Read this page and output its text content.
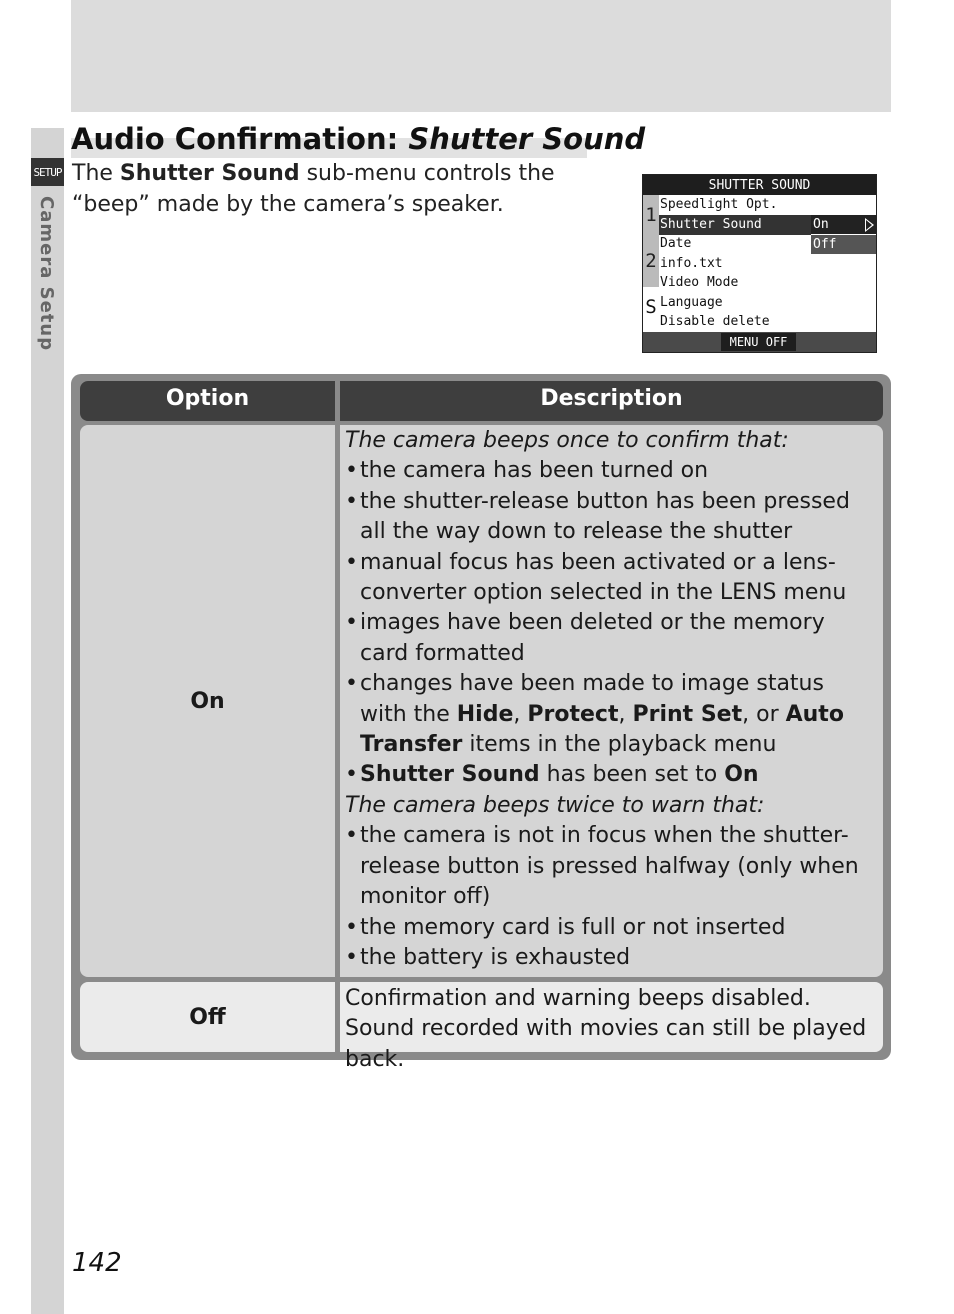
SETUP
Camera Setup
Audio Confirmation: Shutter Sound
The Shutter Sound sub-menu controls the “beep” made by the camera’s speaker.
SHUTTER SOUND
1
2
S
Speedlight Opt.
Shutter Sound
Date
info.txt
Video Mode
Language
Disable delete
On
Off
MENU OFF
Option	Description
On

The camera beeps once to confirm that:

• the camera has been turned on
• the shutter-release button has been pressed all the way down to release the shutter
• manual focus has been activated or a lens-converter option selected in the LENS menu
• images have been deleted or the memory card formatted
• changes have been made to image status with the Hide, Protect, Print Set, or Auto Transfer items in the playback menu
• Shutter Sound has been set to On

The camera beeps twice to warn that:

• the camera is not in focus when the shutter-release button is pressed halfway (only when monitor off)
• the memory card is full or not inserted
• the battery is exhausted
Off
Confirmation and warning beeps disabled. Sound recorded with movies can still be played back.
142
